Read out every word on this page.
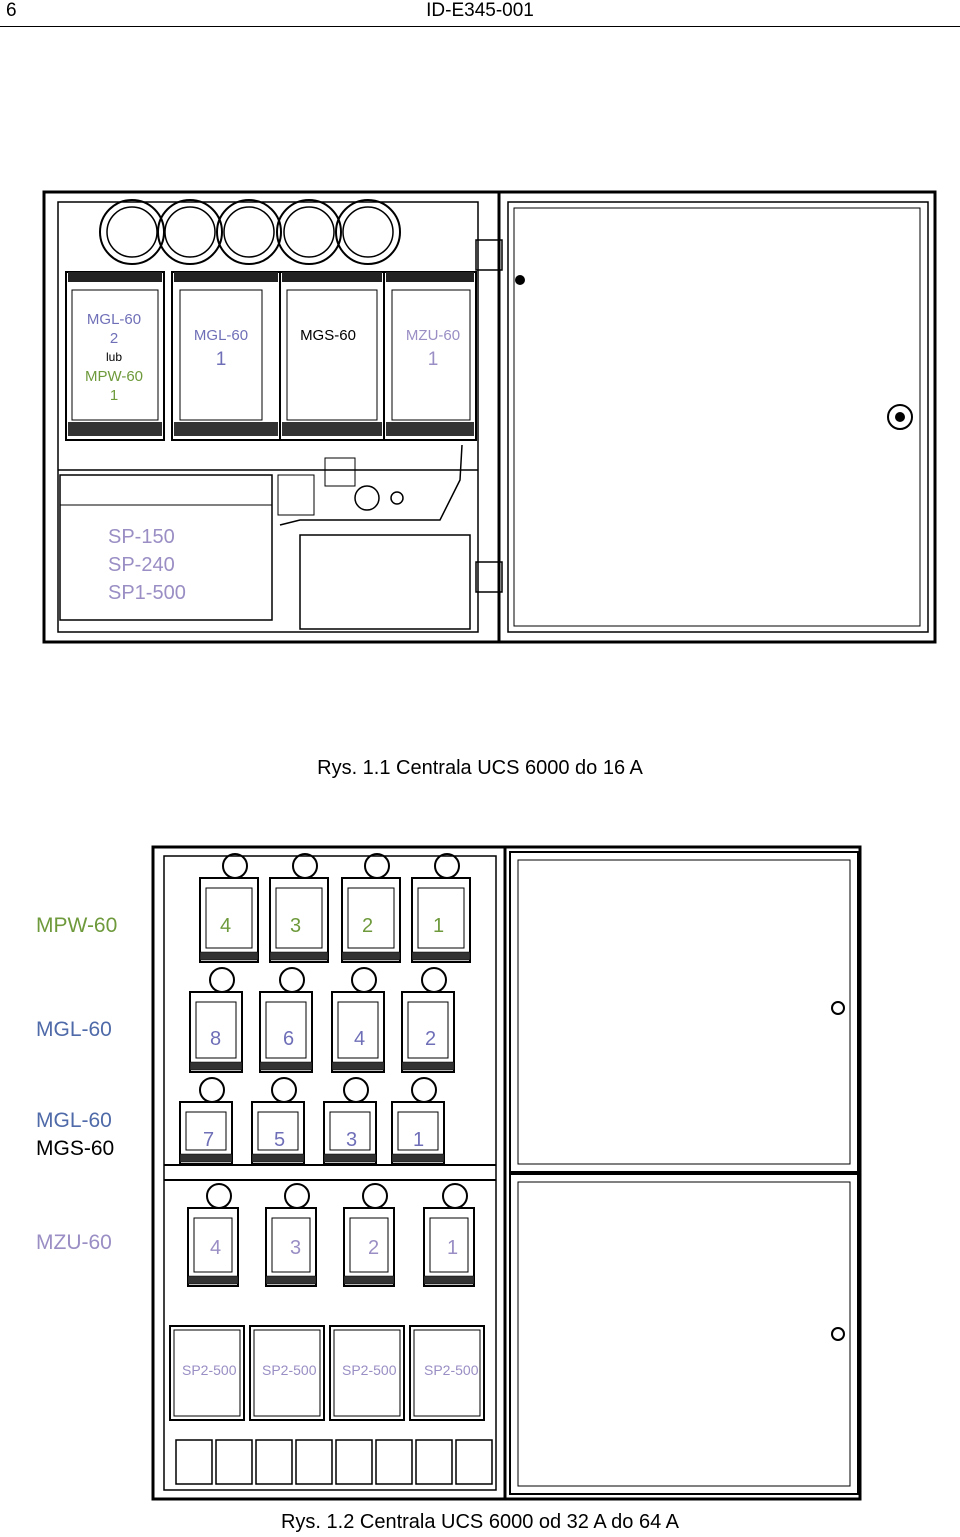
6	ID-E345-001
MGL-60
2
lub
MPW-60
1
MGL-60
1
MGS-60	MZU-60
1
SP-150
SP-240
SP1-500
Rys. 1.1 Centrala UCS 6000 do 16 A
MPW-60
MGL-60
MGL-60
MGS-60
MZU-60
4	3	2	1
8	6	4	2
7	5	3	1
4	3	2	1
SP2-500 SP2-500 SP2-500 SP2-500
Rys. 1.2 Centrala UCS 6000 od 32 A do 64 A
